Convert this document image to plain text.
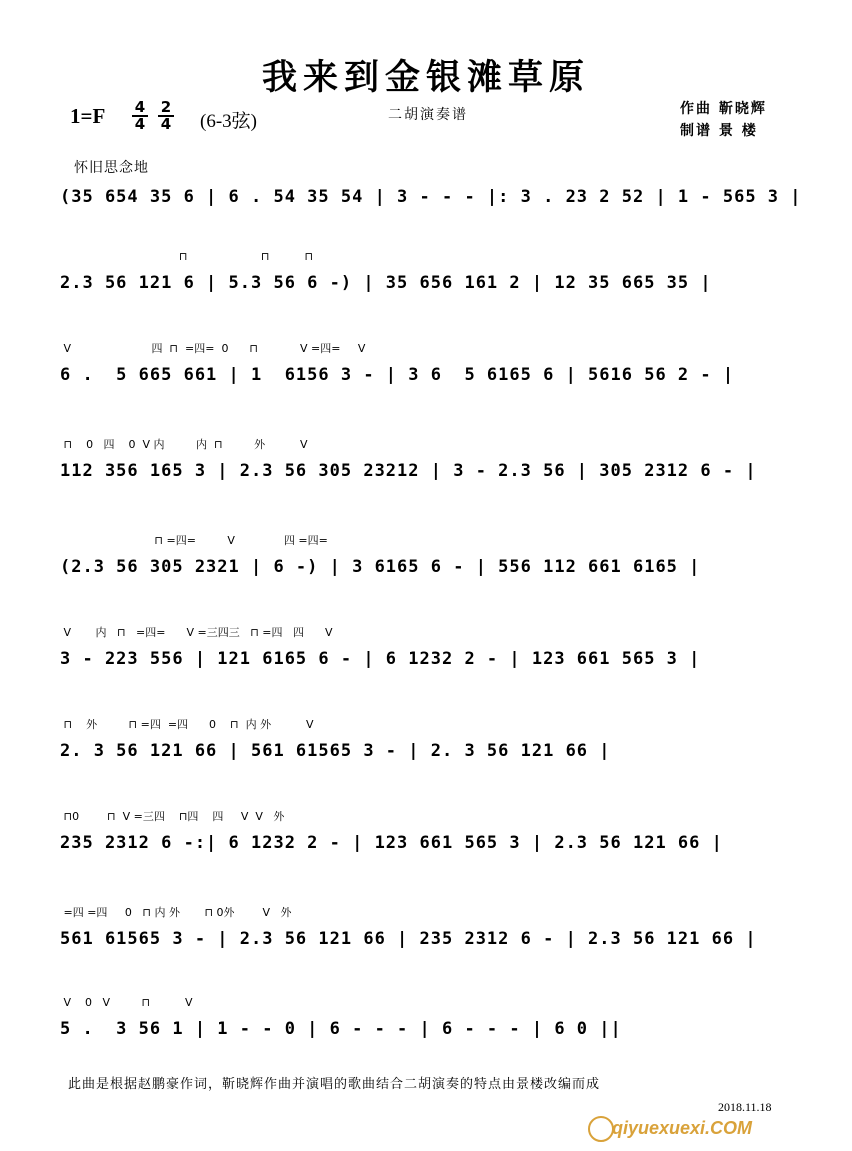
我来到金银滩草原
$1=F \frac{4}{4} \frac{2}{4} (6-3$弦)	二胡演奏谱	作曲 靳晓辉
制谱 景 楼
怀旧思念地
(35 654 35 6 | 6 . 54 35 54 | 3 - - - |: 3 . 23 2 52 | 1 - 565 3 |
⊓                     ⊓          ⊓
2.3 56 121 6 | 5.3 56 6 -) | 35 656 161 2 | 12 35 665 35 |
V                       四  ⊓  =四=  0      ⊓            V =四=     V
6 .  5 665 661 | 1  6156 3 - | 3 6  5 6165 6 | 5616 56 2 - |
⊓    0   四    0  V 内         内  ⊓         外          V
112 356 165 3 | 2.3 56 305 23212 | 3 - 2.3 56 | 305 2312 6 - |
⊓ =四=         V              四 =四=
(2.3 56 305 2321 | 6 -) | 3 6165 6 - | 556 112 661 6165 |
V       内   ⊓   =四=      V =三四三   ⊓ =四   四      V
3 - 223 556 | 121 6165 6 - | 6 1232 2 - | 123 661 565 3 |
⊓    外         ⊓ =四  =四      0    ⊓  内 外          V
2. 3 56 121 66 | 561 61565 3 - | 2. 3 56 121 66 |
⊓0        ⊓  V =三四    ⊓四    四     V  V   外
235 2312 6 -:| 6 1232 2 - | 123 661 565 3 | 2.3 56 121 66 |
=四 =四     0   ⊓ 内 外       ⊓ 0外        V   外
561 61565 3 - | 2.3 56 121 66 | 235 2312 6 - | 2.3 56 121 66 |
V    0   V         ⊓          V
5 .  3 56 1 | 1 - - 0 | 6 - - - | 6 - - - | 6 0 ||
此曲是根据赵鹏豪作词，靳晓辉作曲并演唱的歌曲结合二胡演奏的特点由景楼改编而成
2018.11.18
qiyuexuexi.COM
